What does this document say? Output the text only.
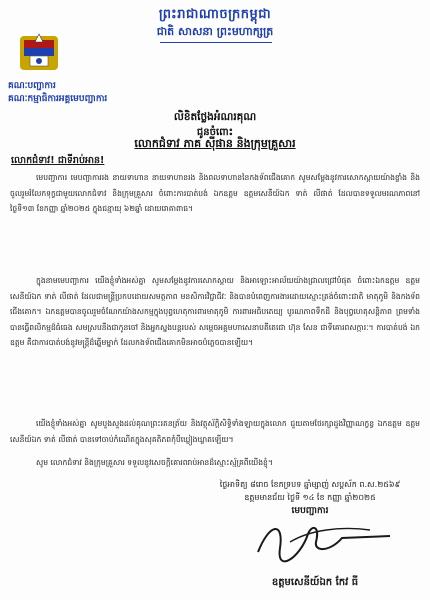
ព្រះរាជាណាចក្រកម្ពុជា
ជាតិ សាសនា ព្រះមហាក្សត្រ
គណៈបញ្ជាការ
គណៈកម្មាធិការអគ្គមេបញ្ជាការ
លិខិតថ្លែងអំណរគុណ
ជូនចំពោះ
លោកជំទាវ ភាគ ស៊ីផាន និងក្រុមគ្រួសារ
លោកជំទាវ! ជាទីរាប់អាន!
មេបញ្ជាការ មេបញ្ជាការរង នាយទាហាន នាយទាហានរង និងពលទាហាននៃកងទ័ពជើងគោក សូមសម្តែងនូវការសោកស្តាយយ៉ាងខ្លាំង និងចូលរួមរំលែកទុក្ខជាមួយលោកជំទាវ និងក្រុមគ្រួសារ ចំពោះការបាត់បង់ ឯកឧត្តម ឧត្តមសេនីយ៍ឯក ទាត់ លីផាត់ ដែលបានទទួលមរណភាពនៅថ្ងៃទី១៣ ខែកញ្ញា ឆ្នាំ២០២៥ ក្នុងជន្មាយុ ៦២ឆ្នាំ ដោយរោគាពាធ។
ក្នុងនាមមេបញ្ជាការ យើងខ្ញុំទាំងអស់គ្នា សូមសម្តែងនូវការសោកស្តាយ និងអាឡោះអាល័យយ៉ាងជ្រាលជ្រៅបំផុត ចំពោះឯកឧត្តម ឧត្តមសេនីយ៍ឯក ទាត់ លីផាត់ ដែលជាមន្ត្រីប្រកបដោយសមត្ថភាព មនសិការវិជ្ជាជីវៈ និងបានបំពេញការងារដោយស្មោះត្រង់ចំពោះជាតិ មាតុភូមិ និងកងទ័ពជើងគោក។ ឯកឧត្តមបានចូលរួមចំណែកយ៉ាងសកម្មក្នុងបុព្វហេតុការពារមាតុភូមិ ការពារអធិបតេយ្យ បូរណភាពទឹកដី និងបុព្វហេតុសន្តិភាព ព្រមទាំងបានធ្វើពលិកម្មដ៏ធំធេង សមស្របនឹងជាកូនចៅ និងអ្នកស្នងបន្តរបស់ សម្តេចអគ្គមហាសេនាបតីតេជោ ហ៊ុន សែន ជាទីគោរពសក្ការៈ។ ការបាត់បង់ ឯកឧត្តម គឺជាការបាត់បង់នូវមន្ត្រីដ៏ឆ្នើមម្នាក់ ដែលកងទ័ពជើងគោកមិនអាចបំភ្លេចបានឡើយ។
យើងខ្ញុំទាំងអស់គ្នា សូមបួងសួងដល់គុណព្រះរតនត្រ័យ និងវត្ថុស័ក្តិសិទ្ធិទាំងឡាយក្នុងលោក ជួយតាមថែរក្សាដួងវិញ្ញាណក្ខន្ធ ឯកឧត្តម ឧត្តមសេនីយ៍ឯក ទាត់ លីផាត់ បានទៅចាប់កំណើតក្នុងសុគតិភពកុំបីឃ្លៀងឃ្លាតឡើយ។
សូម លោកជំទាវ និងក្រុមគ្រួសារ ទទួលនូវសេចក្តីគោរពរាប់អានដ៏ស្មោះស្ម័គ្រពីយើងខ្ញុំ។
ថ្ងៃអាទិត្យ ៨រោច ខែភទ្របទ ឆ្នាំម្សាញ់ សប្តស័ក ព.ស.២៥៦៩
ឧត្តមមានជ័យ ថ្ងៃទី ១៤ ខែ កញ្ញា ឆ្នាំ២០២៥
មេបញ្ជាការ
ឧត្តមសេនីយ៍ឯក កែវ ធី
